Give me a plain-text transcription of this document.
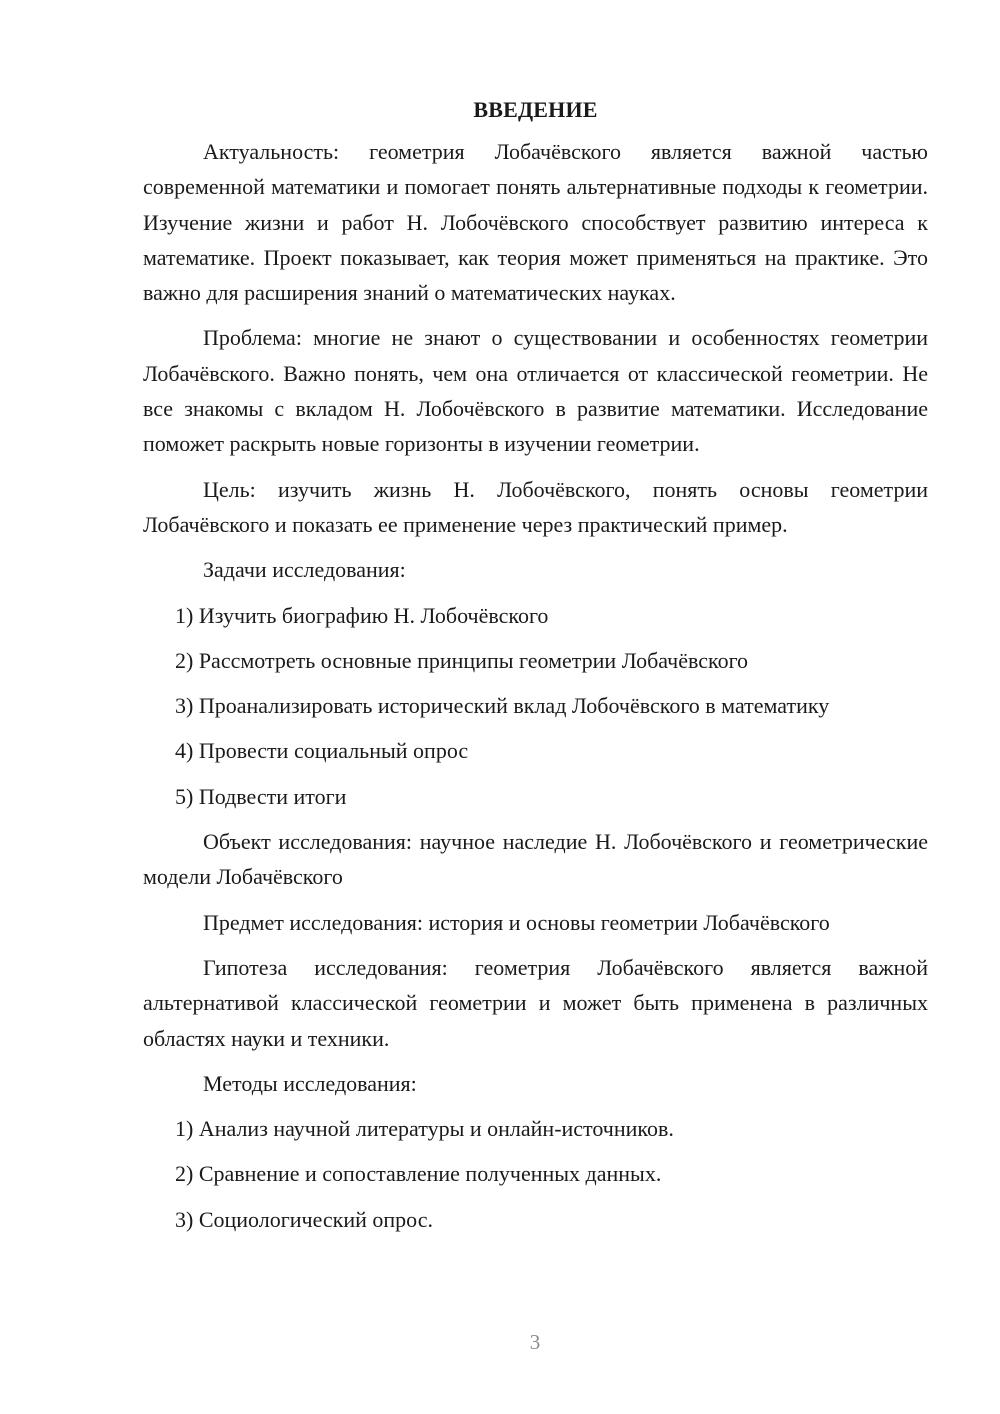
ВВЕДЕНИЕ

Актуальность: геометрия Лобачёвского является важной частью современной математики и помогает понять альтернативные подходы к геометрии. Изучение жизни и работ Н. Лобочёвского способствует развитию интереса к математике. Проект показывает, как теория может применяться на практике. Это важно для расширения знаний о математических науках.

Проблема: многие не знают о существовании и особенностях геометрии Лобачёвского. Важно понять, чем она отличается от классической геометрии. Не все знакомы с вкладом Н. Лобочёвского в развитие математики. Исследование поможет раскрыть новые горизонты в изучении геометрии.

Цель: изучить жизнь Н. Лобочёвского, понять основы геометрии Лобачёвского и показать ее применение через практический пример.

Задачи исследования:

1) Изучить биографию Н. Лобочёвского
2) Рассмотреть основные принципы геометрии Лобачёвского
3) Проанализировать исторический вклад Лобочёвского в математику
4) Провести социальный опрос
5) Подвести итоги

Объект исследования: научное наследие Н. Лобочёвского и геометрические модели Лобачёвского

Предмет исследования: история и основы геометрии Лобачёвского

Гипотеза исследования: геометрия Лобачёвского является важной альтернативой классической геометрии и может быть применена в различных областях науки и техники.

Методы исследования:

1) Анализ научной литературы и онлайн-источников.
2) Сравнение и сопоставление полученных данных.
3) Социологический опрос.
3
